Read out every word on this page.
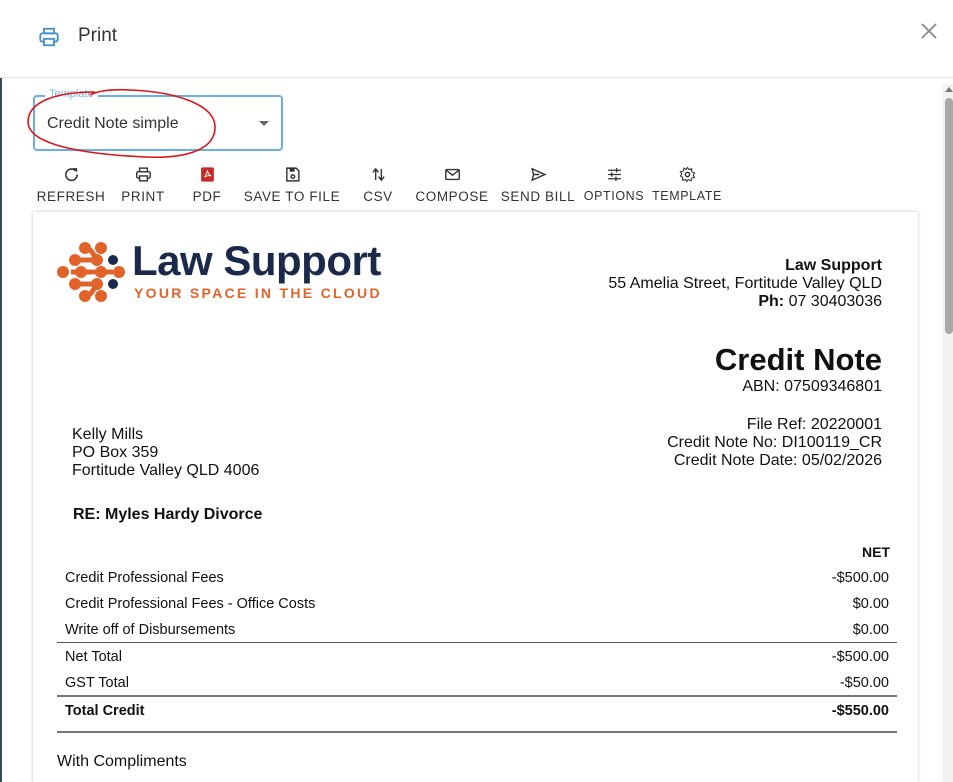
Print
Template
Credit Note simple
REFRESH PRINT PDF SAVE TO FILE CSV COMPOSE SEND BILL OPTIONS TEMPLATE
Law Support
YOUR SPACE IN THE CLOUD
Law Support
55 Amelia Street, Fortitude Valley QLD
Ph: 07 30403036
Credit Note
ABN: 07509346801
File Ref: 20220001
Credit Note No: DI100119_CR
Credit Note Date: 05/02/2026
Kelly Mills
PO Box 359
Fortitude Valley QLD 4006
RE: Myles Hardy Divorce
NET
Credit Professional Fees	-$500.00
Credit Professional Fees - Office Costs	$0.00
Write off of Disbursements	$0.00
Net Total	-$500.00
GST Total	-$50.00
Total Credit	-$550.00
With Compliments
